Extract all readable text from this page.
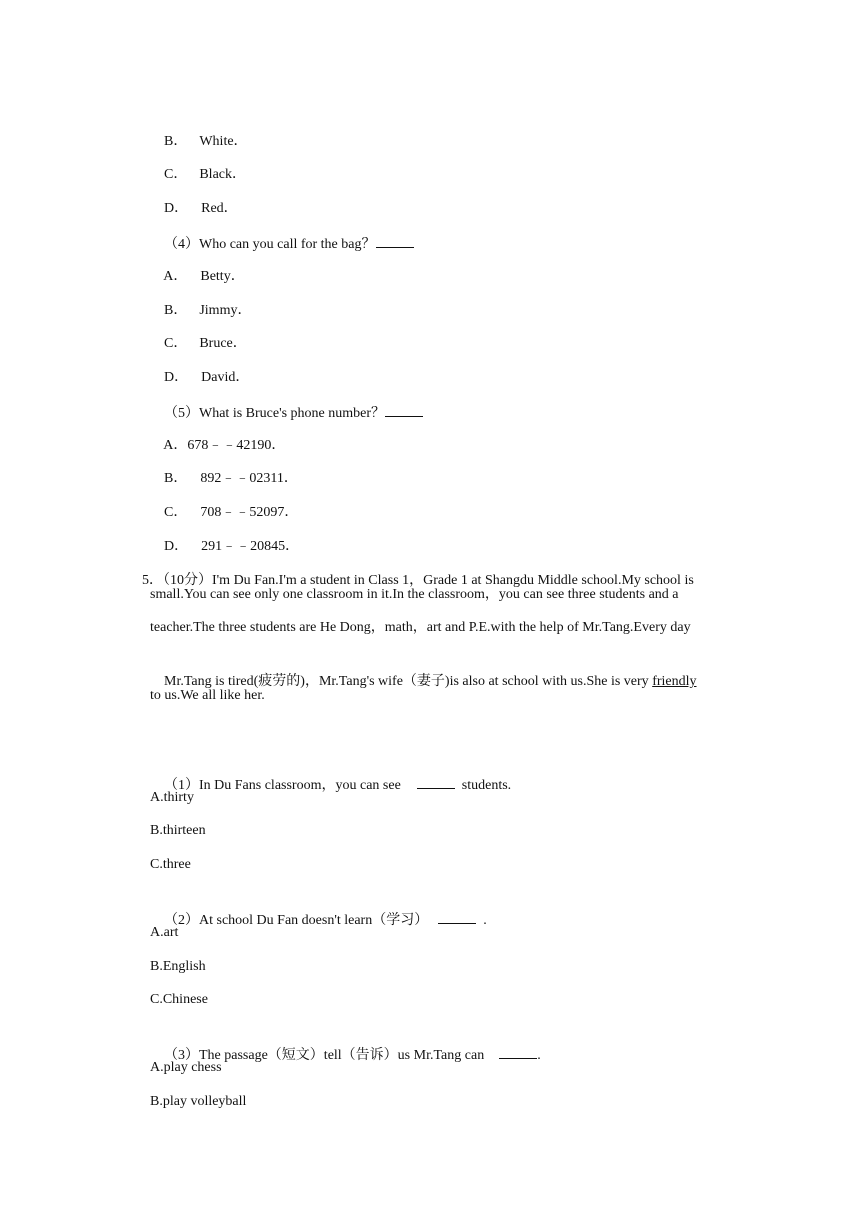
B． White．

C． Black．

D． Red．

（4）Who can you call for the bag？

A． Betty．

B． Jimmy．

C． Bruce．

D． David．

（5）What is Bruce's phone number？

A．678﹣﹣42190．

B． 892﹣﹣02311．

C． 708﹣﹣52097．

D． 291﹣﹣20845．

5．（10分）I'm Du Fan.I'm a student in Class 1，Grade 1 at Shangdu Middle school.My school is

small.You can see only one classroom in it.In the classroom，you can see three students and a
teacher.The three students are He Dong，math，art and P.E.with the help of Mr.Tang.Every day

Mr.Tang is tired(疲劳的)，Mr.Tang's wife（妻子)is also at school with us.She is very friendly

to us.We all like her.

（1）In Du Fans classroom，you can see	students.

A.thirty
B.thirteen
C.three

（2）At school Du Fan doesn't learn（学习）	.

A.art
B.English
C.Chinese

（3）The passage（短文）tell（告诉）us Mr.Tang can	.

A.play chess
B.play volleyball
